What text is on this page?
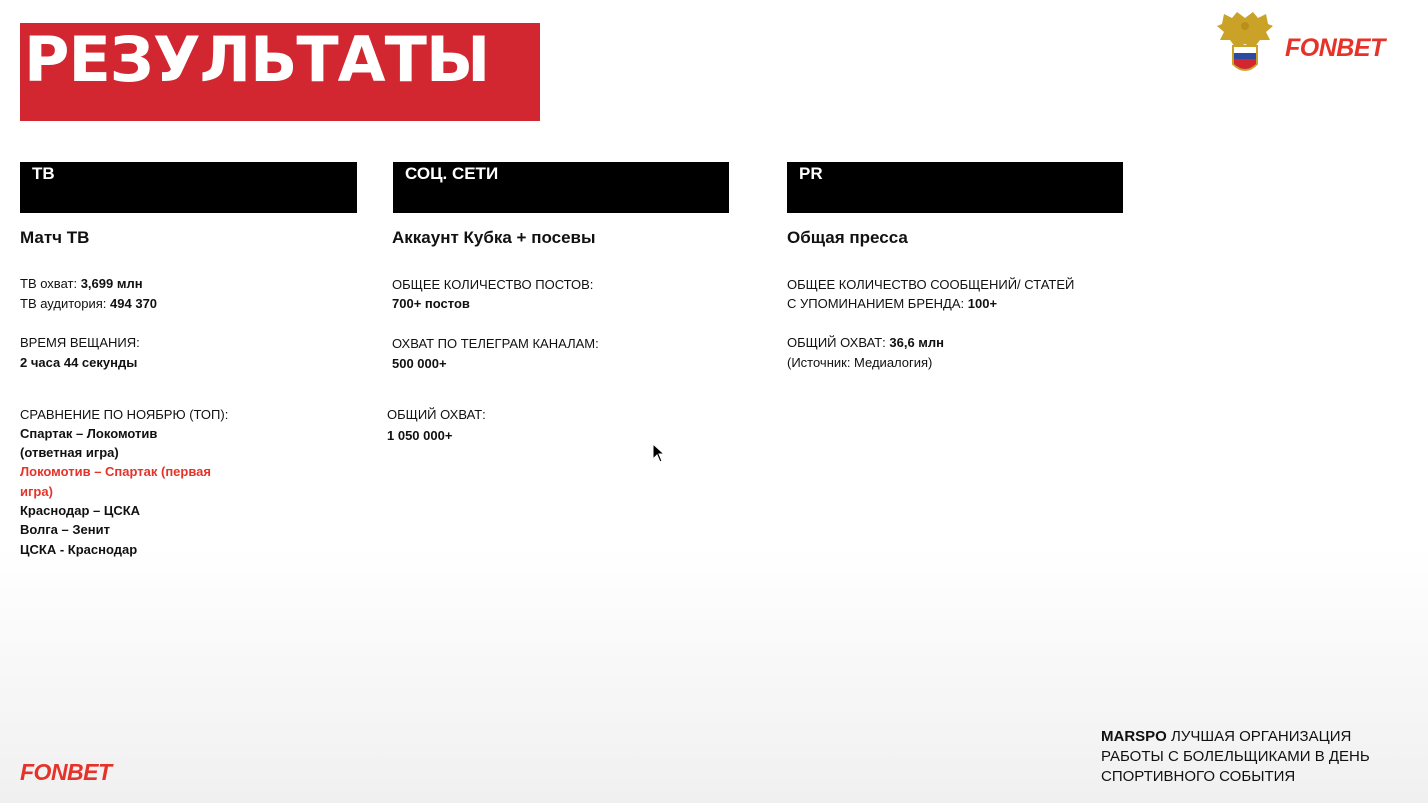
РЕЗУЛЬТАТЫ	FONBET
ТВ
Матч ТВ
ТВ охват: 3,699 млн
ТВ аудитория: 494 370
ВРЕМЯ ВЕЩАНИЯ:
2 часа 44 секунды
СРАВНЕНИЕ ПО НОЯБРЮ (ТОП):
Спартак – Локомотив
(ответная игра)
Локомотив – Спартак (первая
игра)
Краснодар – ЦСКА
Волга – Зенит
ЦСКА - Краснодар
СОЦ. СЕТИ
Аккаунт Кубка + посевы
ОБЩЕЕ КОЛИЧЕСТВО ПОСТОВ:
700+ постов
ОХВАТ ПО ТЕЛЕГРАМ КАНАЛАМ:
500 000+
ОБЩИЙ ОХВАТ:
1 050 000+
PR
Общая пресса
ОБЩЕЕ КОЛИЧЕСТВО СООБЩЕНИЙ/ СТАТЕЙ
С УПОМИНАНИЕМ БРЕНДА: 100+
ОБЩИЙ ОХВАТ: 36,6 млн
(Источник: Медиалогия)
FONBET
MARSPO ЛУЧШАЯ ОРГАНИЗАЦИЯ
РАБОТЫ С БОЛЕЛЬЩИКАМИ В ДЕНЬ
СПОРТИВНОГО СОБЫТИЯ
